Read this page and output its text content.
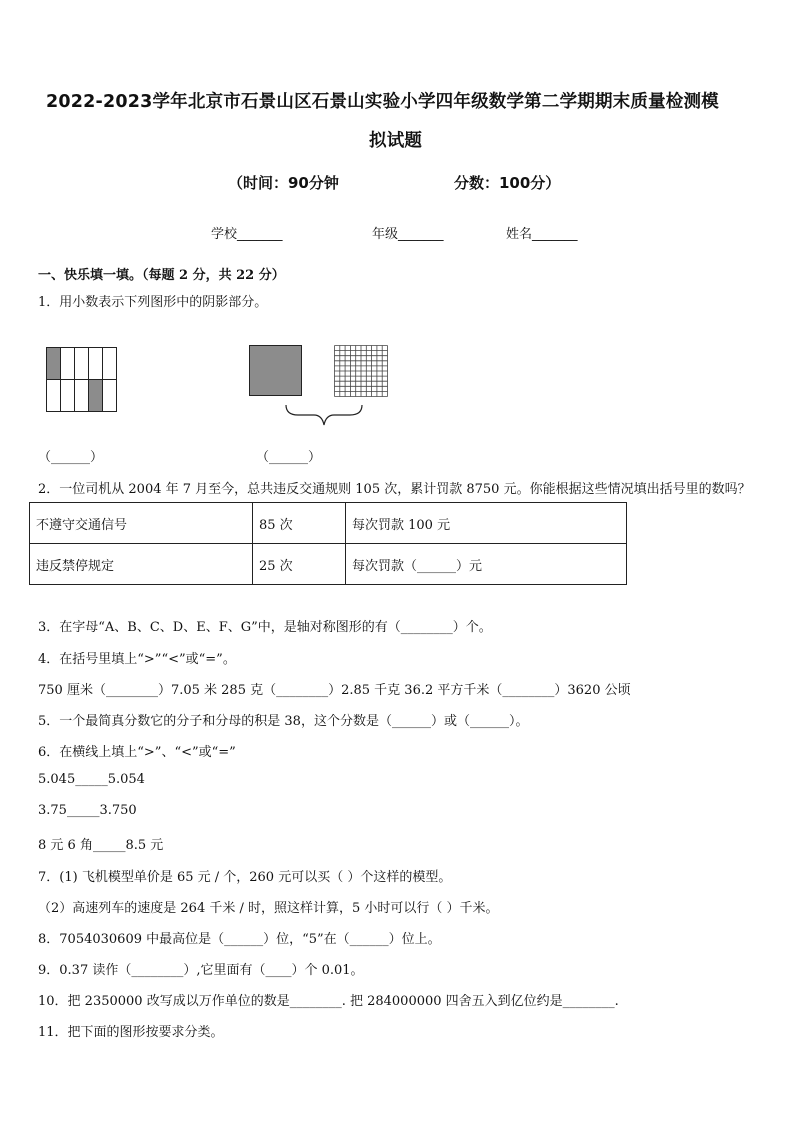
2022-2023学年北京市石景山区石景山实验小学四年级数学第二学期期末质量检测模
拟试题
（时间：90分钟	分数：100分）
学校_______	年级_______	姓名_______
一、快乐填一填。（每题 2 分，共 22 分）
1．用小数表示下列图形中的阴影部分。
（______）	（______）
2．一位司机从 2004 年 7 月至今，总共违反交通规则 105 次，累计罚款 8750 元。你能根据这些情况填出括号里的数吗？
不遵守交通信号	85 次	每次罚款 100 元
违反禁停规定	25 次	每次罚款（______）元
3．在字母“A、B、C、D、E、F、G”中，是轴对称图形的有（________）个。
4．在括号里填上“>”“<”或“=”。
750 厘米（________）7.05 米 285 克（________）2.85 千克 36.2 平方千米（________）3620 公顷
5．一个最简真分数它的分子和分母的积是 38，这个分数是（______）或（______）。
6．在横线上填上“>”、“<”或“=”
5.045_____5.054
3.75_____3.750
8 元 6 角_____8.5 元
7．(1) 飞机模型单价是 65 元 / 个，260 元可以买（ ）个这样的模型。
（2）高速列车的速度是 264 千米 / 时，照这样计算，5 小时可以行（ ）千米。
8．7054030609 中最高位是（______）位，“5”在（______）位上。
9．0.37 读作（________）,它里面有（____）个 0.01。
10．把 2350000 改写成以万作单位的数是________. 把 284000000 四舍五入到亿位约是________.
11．把下面的图形按要求分类。
